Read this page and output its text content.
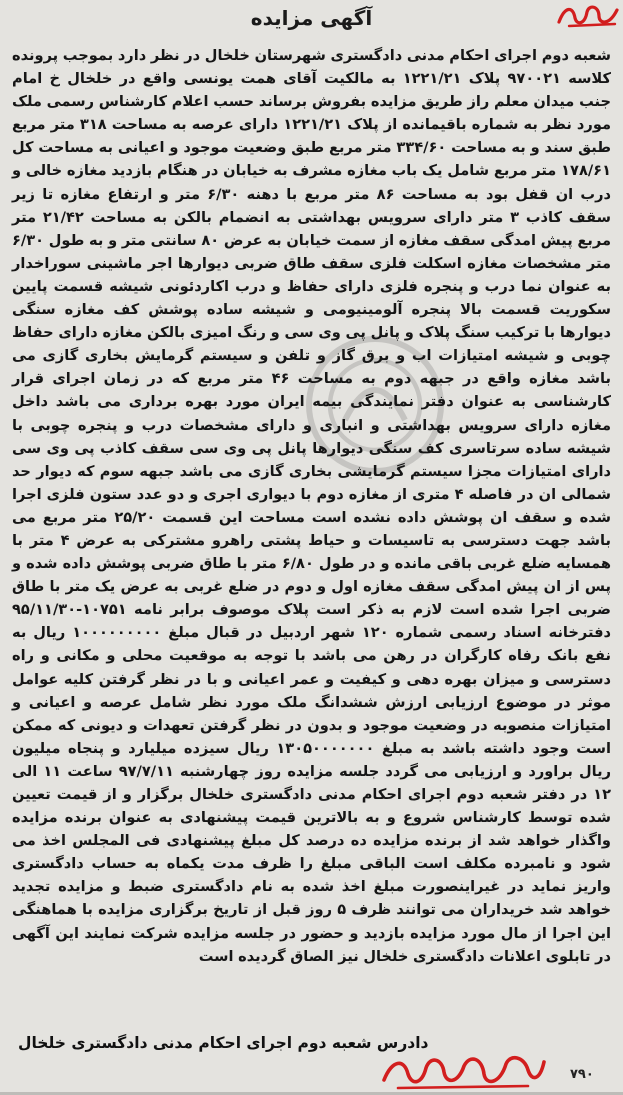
آگهی مزایده
شعبه دوم اجرای احکام مدنی دادگستری شهرستان خلخال در نظر دارد بموجب پرونده کلاسه ۹۷۰۰۲۱ پلاک ۱۲۲۱/۲۱ به مالکیت آقای همت یونسی واقع در خلخال خ امام جنب میدان معلم راز طریق مزایده بفروش برساند حسب اعلام کارشناس رسمی ملک مورد نظر به شماره باقیمانده از پلاک ۱۲۲۱/۲۱ دارای عرصه به مساحت ۳۱۸ متر مربع طبق سند و به مساحت ۳۳۴/۶۰ متر مربع طبق وضعیت موجود و اعیانی به مساحت کل ۱۷۸/۶۱ متر مربع شامل یک باب مغازه مشرف به خیابان در هنگام بازدید مغازه خالی و درب ان قفل بود به مساحت ۸۶ متر مربع با دهنه ۶/۳۰ متر و ارتفاع مغازه تا زیر سقف کاذب ۳ متر دارای سرویس بهداشتی به انضمام بالکن به مساحت ۲۱/۴۲ متر مربع پیش امدگی سقف مغازه از سمت خیابان به عرض ۸۰ سانتی متر و به طول ۶/۳۰ متر مشخصات مغازه اسکلت فلزی سقف طاق ضربی دیوارها اجر ماشینی سوراخدار به عنوان نما درب و پنجره فلزی دارای حفاظ و درب اکاردئونی شیشه قسمت پایین سکوریت قسمت بالا پنجره آلومینیومی و شیشه ساده پوشش کف مغازه سنگی دیوارها با ترکیب سنگ پلاک و پانل پی وی سی و رنگ امیزی بالکن مغازه دارای حفاظ چوبی و شیشه امتیازات اب و برق گاز و تلفن و سیستم گرمایش بخاری گازی می باشد مغازه واقع در جبهه دوم به مساحت ۴۶ متر مربع که در زمان اجرای قرار کارشناسی به عنوان دفتر نمایندگی بیمه ایران مورد بهره برداری می باشد داخل مغازه دارای سرویس بهداشتی و انباری و دارای مشخصات درب و پنجره چوبی با شیشه ساده سرتاسری کف سنگی دیوارها پانل پی وی سی سقف کاذب پی وی سی دارای امتیازات مجزا سیستم گرمایشی بخاری گازی می باشد جبهه سوم که دیوار حد شمالی ان در فاصله ۴ متری از مغازه دوم با دیواری اجری و دو عدد ستون فلزی اجرا شده و سقف ان پوشش داده نشده است مساحت این قسمت ۲۵/۲۰ متر مربع می باشد جهت دسترسی به تاسیسات و حیاط پشتی راهرو مشترکی به عرض ۴ متر با همسایه ضلع غربی باقی مانده و در طول ۶/۸۰ متر با طاق ضربی پوشش داده شده و پس از ان پیش امدگی سقف مغازه اول و دوم در ضلع غربی به عرض یک متر با طاق ضربی اجرا شده است لازم به ذکر است پلاک موصوف برابر نامه ۱۰۷۵۱-۹۵/۱۱/۳۰ دفترخانه اسناد رسمی شماره ۱۲۰ شهر اردبیل در قبال مبلغ ۱۰۰۰۰۰۰۰۰۰ ریال به نفع بانک رفاه کارگران در رهن می باشد با توجه به موقعیت محلی و مکانی و راه دسترسی و میزان بهره دهی و کیفیت و عمر اعیانی و با در نظر گرفتن کلیه عوامل موثر در موضوع ارزیابی ارزش ششدانگ ملک مورد نظر شامل عرصه و اعیانی و امتیازات منصوبه در وضعیت موجود و بدون در نظر گرفتن تعهدات و دیونی که ممکن است وجود داشته باشد به مبلغ ۱۳۰۵۰۰۰۰۰۰۰ ریال سیزده میلیارد و پنجاه میلیون ریال براورد و ارزیابی می گردد جلسه مزایده روز چهارشنبه ۹۷/۷/۱۱ ساعت ۱۱ الی ۱۲ در دفتر شعبه دوم اجرای احکام مدنی دادگستری خلخال برگزار و از قیمت تعیین شده توسط کارشناس شروع و به بالاترین قیمت پیشنهادی به عنوان برنده مزایده واگذار خواهد شد از برنده مزایده ده درصد کل مبلغ پیشنهادی فی المجلس اخذ می شود و نامبرده مکلف است الباقی مبلغ را ظرف مدت یکماه به حساب دادگستری واریز نماید در غیراینصورت مبلغ اخذ شده به نام دادگستری ضبط و مزایده تجدید خواهد شد خریداران می توانند ظرف ۵ روز قبل از تاریخ برگزاری مزایده با هماهنگی این اجرا از مال مورد مزایده بازدید و حضور در جلسه مزایده شرکت نمایند این آگهی در تابلوی اعلانات دادگستری خلخال نیز الصاق گردیده است
دادرس شعبه دوم اجرای احکام مدنی دادگستری خلخال
۷۹۰
